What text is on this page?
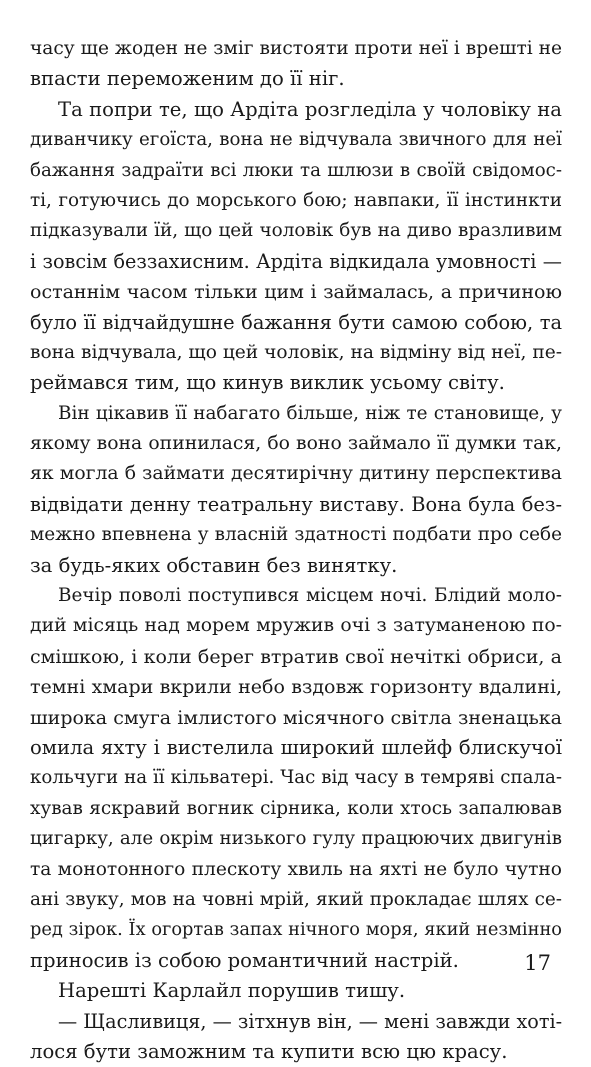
часу ще жоден не зміг вистояти проти неї і врешті не
впасти переможеним до її ніг.
Та попри те, що Ардіта розгледіла у чоловіку на
диванчику егоїста, вона не відчувала звичного для неї
бажання задраїти всі люки та шлюзи в своїй свідомос-
ті, готуючись до морського бою; навпаки, її інстинкти
підказували їй, що цей чоловік був на диво вразливим
і зовсім беззахисним. Ардіта відкидала умовності —
останнім часом тільки цим і займалась, а причиною
було її відчайдушне бажання бути самою собою, та
вона відчувала, що цей чоловік, на відміну від неї, пе-
реймався тим, що кинув виклик усьому світу.
Він цікавив її набагато більше, ніж те становище, у
якому вона опинилася, бо воно займало її думки так,
як могла б займати десятирічну дитину перспектива
відвідати денну театральну виставу. Вона була без-
межно впевнена у власній здатності подбати про себе
за будь-яких обставин без винятку.
Вечір поволі поступився місцем ночі. Блідий моло-
дий місяць над морем мружив очі з затуманеною по-
смішкою, і коли берег втратив свої нечіткі обриси, а
темні хмари вкрили небо вздовж горизонту вдалині,
широка смуга імлистого місячного світла зненацька
омила яхту і вистелила широкий шлейф блискучої
кольчуги на її кільватері. Час від часу в темряві спала-
хував яскравий вогник сірника, коли хтось запалював
цигарку, але окрім низького гулу працюючих двигунів
та монотонного плескоту хвиль на яхті не було чутно
ані звуку, мов на човні мрій, який прокладає шлях се-
ред зірок. Їх огортав запах нічного моря, який незмінно
приносив із собою романтичний настрій.
Нарешті Карлайл порушив тишу.
— Щасливиця, — зітхнув він, — мені завжди хоті-
лося бути заможним та купити всю цю красу.
17
